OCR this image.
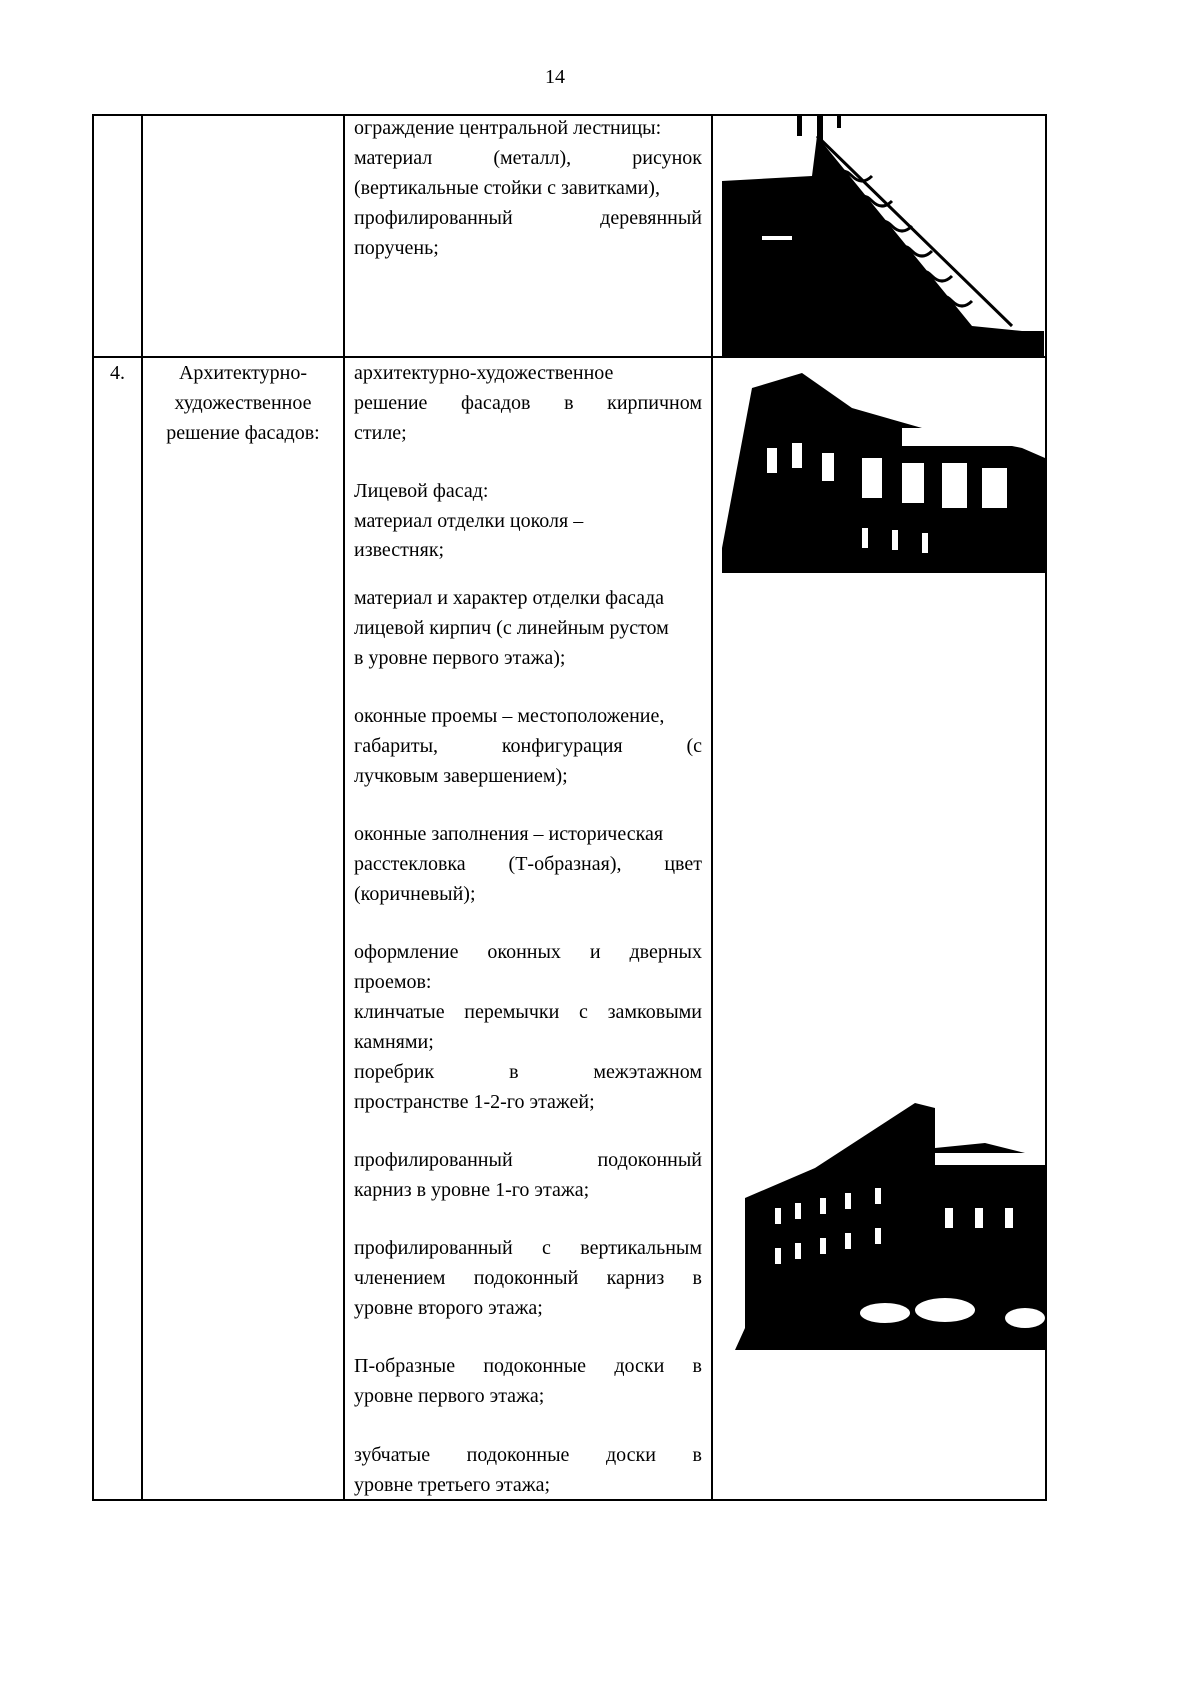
14
ограждение центральной лестницы:
материал (металл), рисунок
(вертикальные стойки с завитками),
профилированный деревянный
поручень;
4.	Архитектурно-
художественное
решение фасадов:
архитектурно-художественное
решение фасадов в кирпичном
стиле;
Лицевой фасад:
материал отделки цоколя –
известняк;
материал и характер отделки фасада
лицевой кирпич (с линейным рустом
в уровне первого этажа);
оконные проемы – местоположение,
габариты, конфигурация (с
лучковым завершением);
оконные заполнения – историческая
расстекловка (Т-образная), цвет
(коричневый);
оформление оконных и дверных
проемов:
клинчатые перемычки с замковыми
камнями;
поребрик в межэтажном
пространстве 1-2-го этажей;
профилированный подоконный
карниз в уровне 1-го этажа;
профилированный с вертикальным
членением подоконный карниз в
уровне второго этажа;
П-образные подоконные доски в
уровне первого этажа;
зубчатые подоконные доски в
уровне третьего этажа;
